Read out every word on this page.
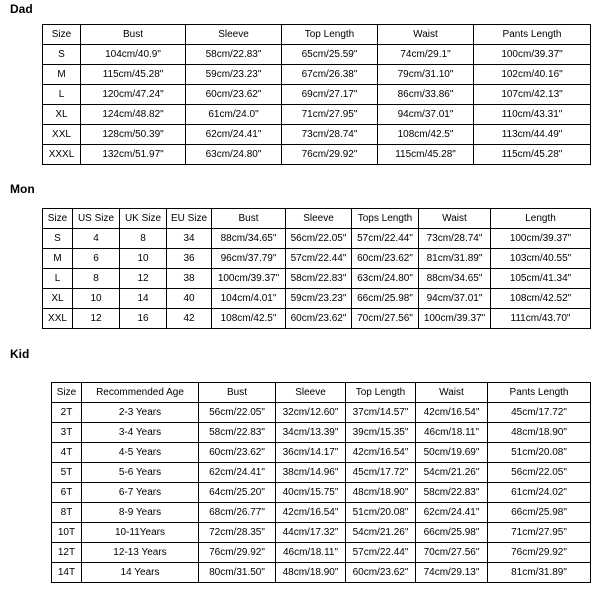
Dad
Size	Bust	Sleeve	Top Length	Waist	Pants Length
S	104cm/40.9"	58cm/22.83"	65cm/25.59"	74cm/29.1"	100cm/39.37"
M	115cm/45.28"	59cm/23.23"	67cm/26.38"	79cm/31.10"	102cm/40.16"
L	120cm/47.24"	60cm/23.62"	69cm/27.17"	86cm/33.86"	107cm/42.13"
XL	124cm/48.82"	61cm/24.0"	71cm/27.95"	94cm/37.01"	110cm/43.31"
XXL	128cm/50.39"	62cm/24.41"	73cm/28.74"	108cm/42.5"	113cm/44.49"
XXXL	132cm/51.97"	63cm/24.80"	76cm/29.92"	115cm/45.28"	115cm/45.28"
Mon
Size	US Size	UK Size	EU Size	Bust	Sleeve	Tops Length	Waist	Length
S	4	8	34	88cm/34.65"	56cm/22.05"	57cm/22.44"	73cm/28.74"	100cm/39.37"
M	6	10	36	96cm/37.79"	57cm/22.44"	60cm/23.62"	81cm/31.89"	103cm/40.55"
L	8	12	38	100cm/39.37"	58cm/22.83"	63cm/24.80"	88cm/34.65"	105cm/41.34"
XL	10	14	40	104cm/4.01"	59cm/23.23"	66cm/25.98"	94cm/37.01"	108cm/42.52"
XXL	12	16	42	108cm/42.5"	60cm/23.62"	70cm/27.56"	100cm/39.37"	111cm/43.70"
Kid
Size	Recommended Age	Bust	Sleeve	Top Length	Waist	Pants Length
2T	2-3 Years	56cm/22.05"	32cm/12.60"	37cm/14.57"	42cm/16.54"	45cm/17.72"
3T	3-4 Years	58cm/22.83"	34cm/13.39"	39cm/15.35"	46cm/18.11"	48cm/18.90"
4T	4-5 Years	60cm/23.62"	36cm/14.17"	42cm/16.54"	50cm/19.69"	51cm/20.08"
5T	5-6 Years	62cm/24.41"	38cm/14.96"	45cm/17.72"	54cm/21.26"	56cm/22.05"
6T	6-7 Years	64cm/25.20"	40cm/15.75"	48cm/18.90"	58cm/22.83"	61cm/24.02"
8T	8-9 Years	68cm/26.77"	42cm/16.54"	51cm/20.08"	62cm/24.41"	66cm/25.98"
10T	10-11Years	72cm/28.35"	44cm/17.32"	54cm/21.26"	66cm/25.98"	71cm/27.95"
12T	12-13 Years	76cm/29.92"	46cm/18.11"	57cm/22.44"	70cm/27.56"	76cm/29.92"
14T	14 Years	80cm/31.50"	48cm/18.90"	60cm/23.62"	74cm/29.13"	81cm/31.89"
